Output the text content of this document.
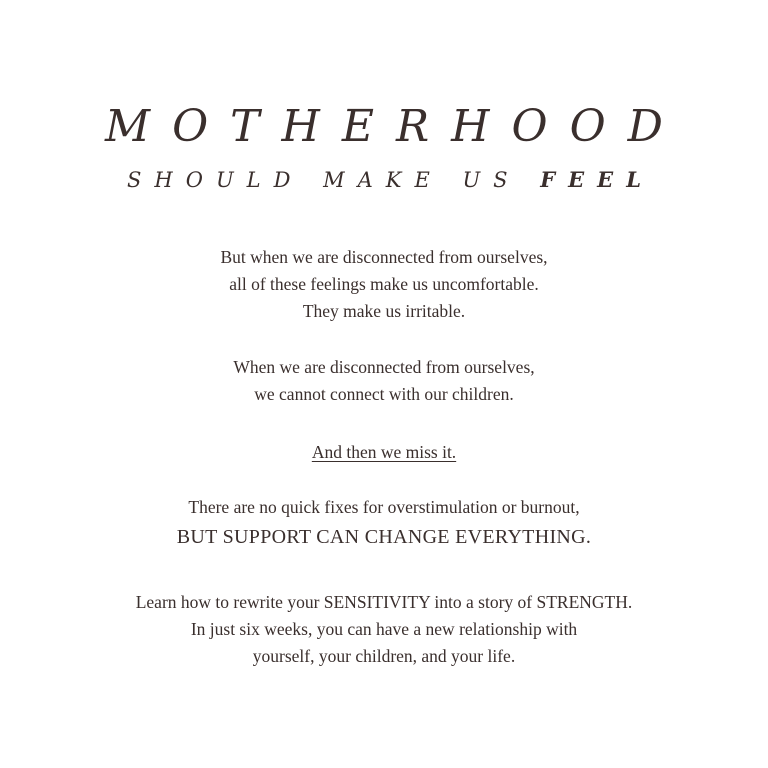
MOTHERHOOD
SHOULD MAKE US FEEL

But when we are disconnected from ourselves,
all of these feelings make us uncomfortable.
They make us irritable.

When we are disconnected from ourselves,
we cannot connect with our children.

And then we miss it.

There are no quick fixes for overstimulation or burnout,
BUT SUPPORT CAN CHANGE EVERYTHING.

Learn how to rewrite your SENSITIVITY into a story of STRENGTH.
In just six weeks, you can have a new relationship with
yourself, your children, and your life.
